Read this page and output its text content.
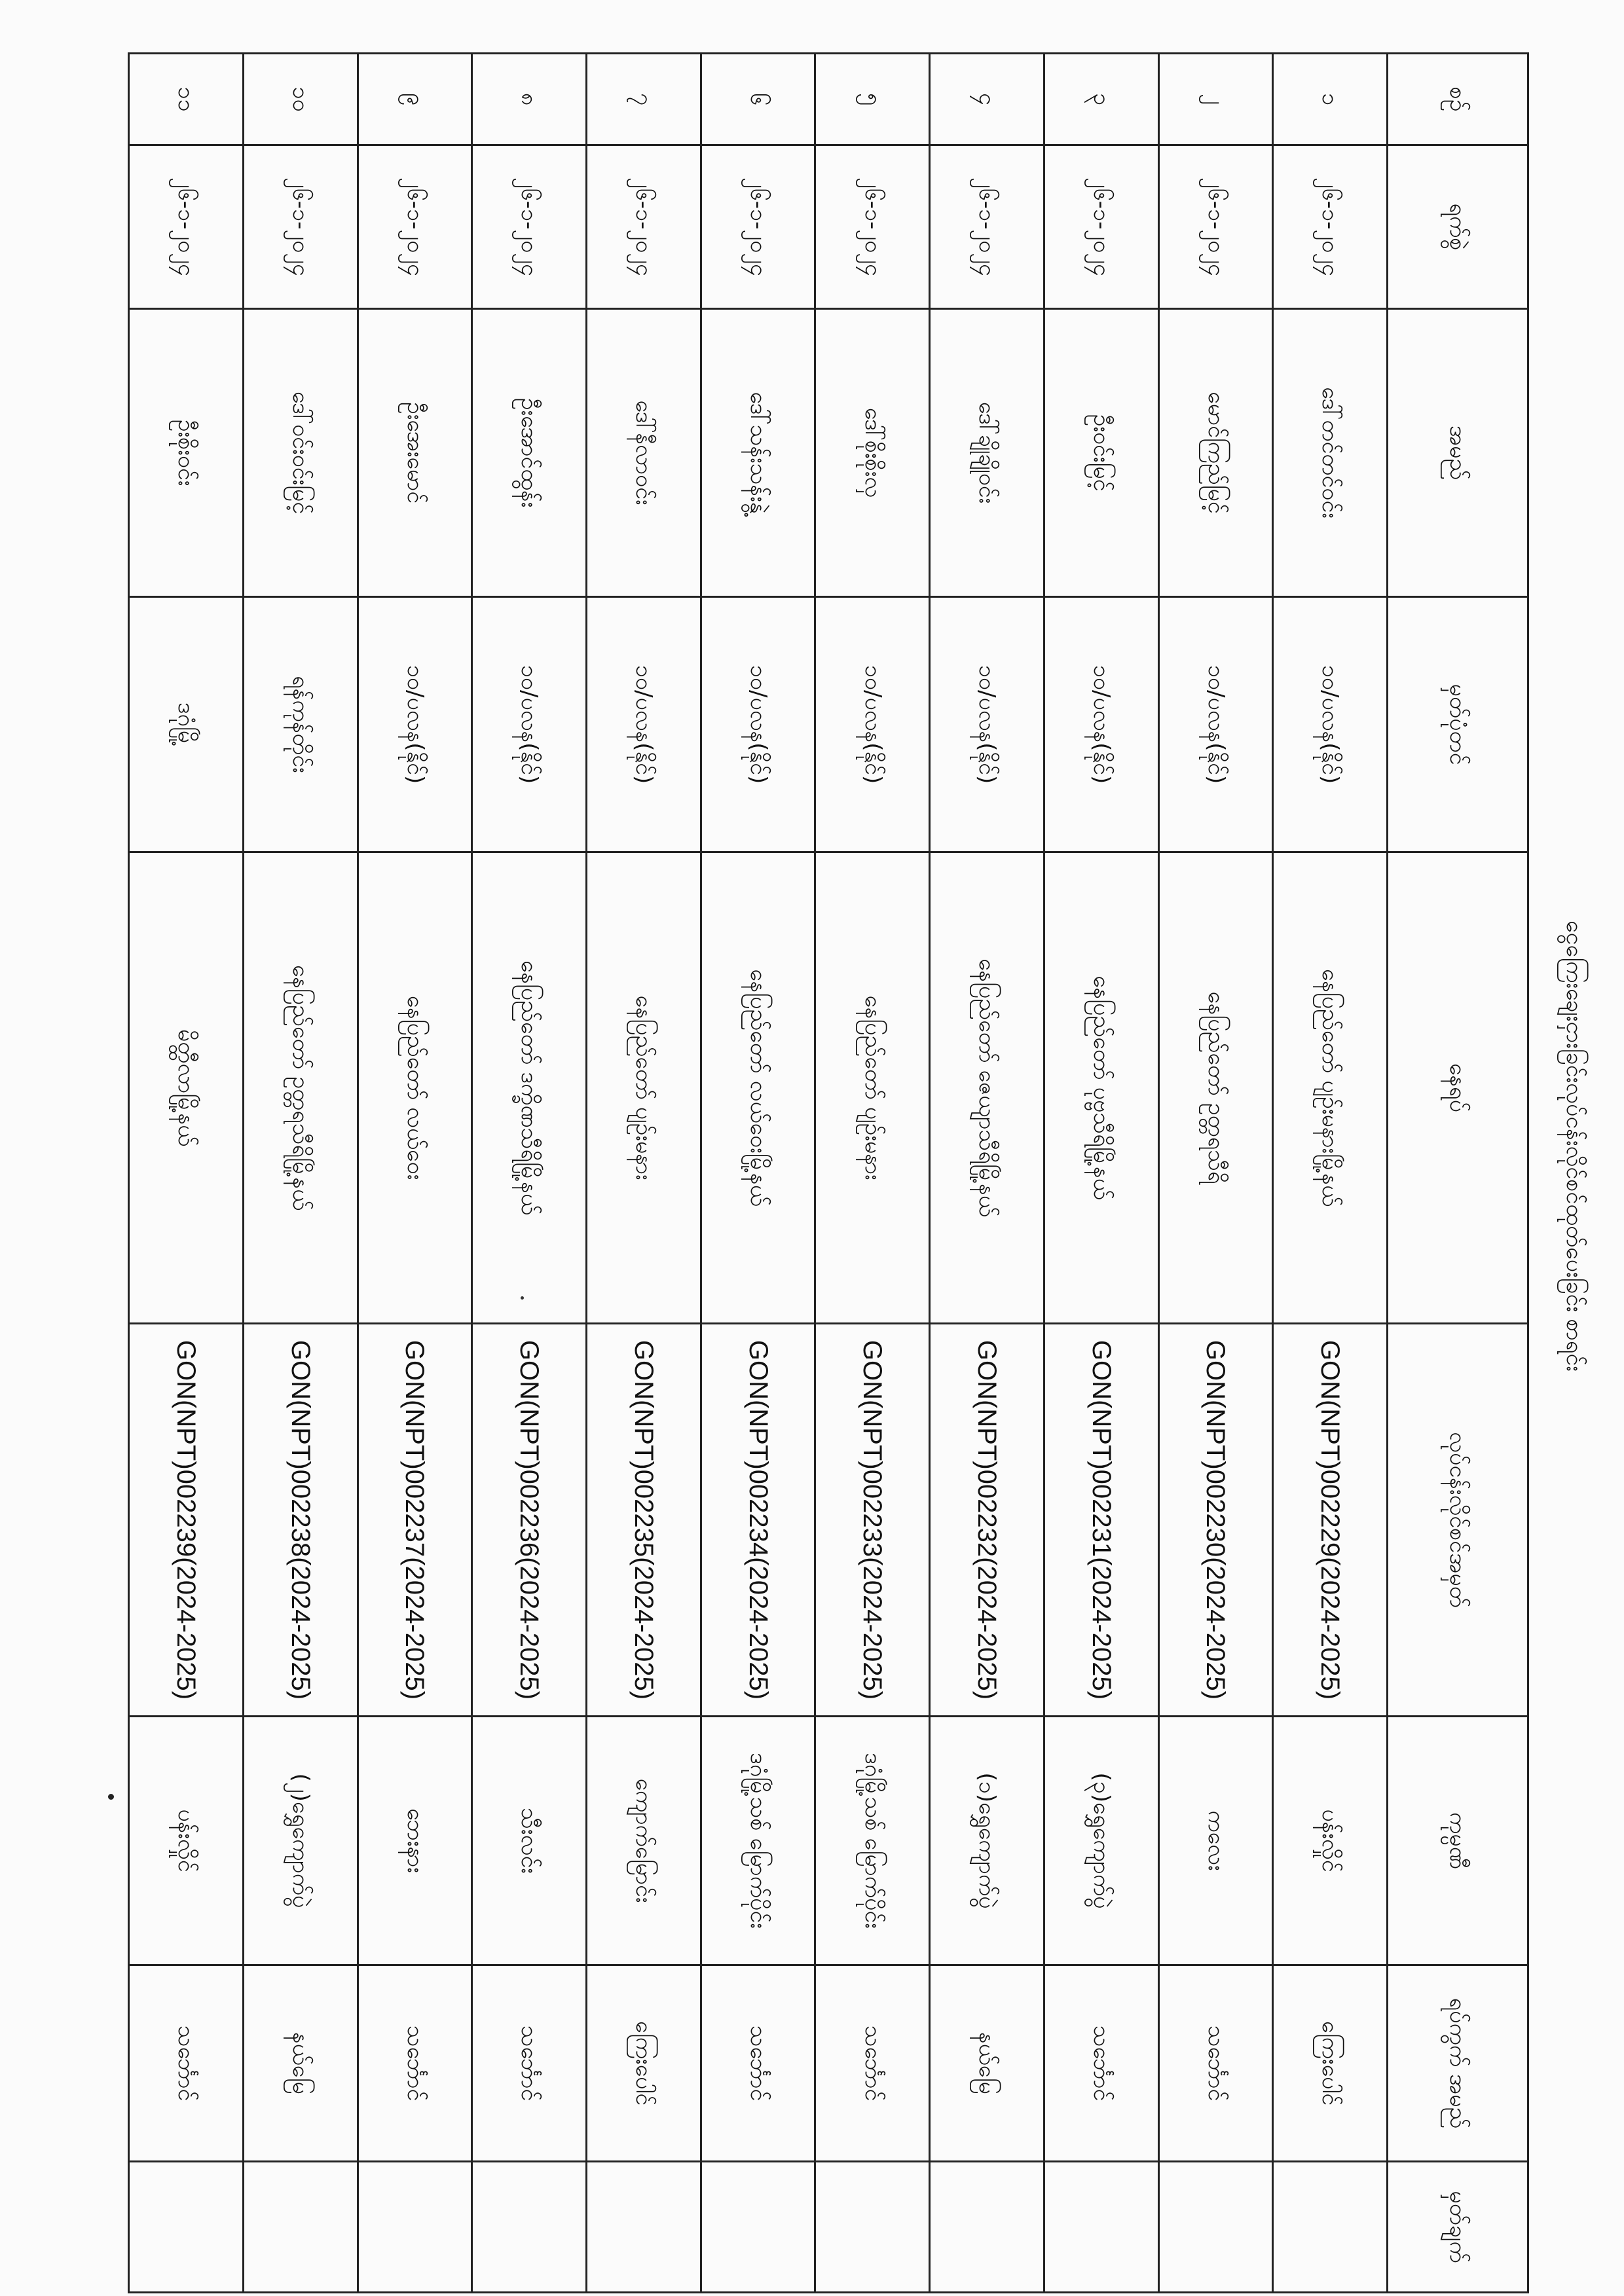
ငွေကြေးချေးငှားခြင်းလုပ်ငန်းလိုင်စင်ထုတ်ပေးခြင်း စာရင်း
စဉ်	ရက်စွဲ	အမည်	မှတ်ပုံတင်	နေရပ်	လုပ်ငန်းလိုင်စင်အမှတ်	ကုမ္ပဏီ	ရပ်ကွက် အမည်	မှတ်ချက်
၁	၂၆-၁-၂၀၂၄	ဒေါ်တင်တင်ဝင်း	၁၀/ပလန(နိုင်)	နေပြည်တော် ပျဉ်းမနားမြို့နယ်	GON(NPT)002229(2024-2025)	ပန်းလှိုင်	ကြေးပေါင်	
၂	၂၆-၁-၂၀၂၄	မောင်ကြည်မြင့်	၁၀/ပလန(နိုင်)	နေပြည်တော် ဥတ္တရသီရိ	GON(NPT)002230(2024-2025)	ကလေး	သင်္ဘောင်	
၃	၂၆-၁-၂၀၂၄	ဦးဝင်းမြင့်	၁၀/ပလန(နိုင်)	နေပြည်တော် ပုဗ္ဗသီရိမြို့နယ်	GON(NPT)002231(2024-2025)	(၃)ရွှေကျောက်ပွဲ	သင်္ဘောင်	
၄	၂၆-၁-၂၀၂၄	ဒေါ်ချိုချိုဝင်း	၁၀/ပလန(နိုင်)	နေပြည်တော် ဇေယျာသီရိမြို့နယ်	GON(NPT)002232(2024-2025)	(၁)ရွှေကျောက်ပွဲ	နယ်မြေ	
၅	၂၆-၁-၂၀၂၄	ဒေါ်စိုးစိုးလှ	၁၀/ပလန(နိုင်)	နေပြည်တော် ပျဉ်းမနား	GON(NPT)002233(2024-2025)	ဒဂုံမြို့သစ် မြောက်ပိုင်း	သင်္ဘောင်	
၆	၂၆-၁-၂၀၂၄	ဒေါ်သန်းသန်းနွဲ့	၁၀/ပလန(နိုင်)	နေပြည်တော် လယ်ဝေးမြို့နယ်	GON(NPT)002234(2024-2025)	ဒဂုံမြို့သစ် မြောက်ပိုင်း	သင်္ဘောင်	
၇	၂၆-၁-၂၀၂၄	ဒေါ်နီလာဝင်း	၁၀/ပလန(နိုင်)	နေပြည်တော် ပျဉ်းမနား	GON(NPT)002235(2024-2025)	ကျောက်မြောင်း	ကြေးပေါင်	
၈	၂၆-၁-၂၀၂၄	ဦးအောင်ထွန်း	၁၀/ပလန(နိုင်)	နေပြည်တော် ဒက္ခိဏသီရိမြို့နယ်	GON(NPT)002236(2024-2025)	သီးလင်း	သင်္ဘောင်	
၉	၂၆-၁-၂၀၂၄	ဦးအေးမောင်	၁၀/ပလန(နိုင်)	နေပြည်တော် လယ်ဝေး	GON(NPT)002237(2024-2025)	ဘေးနား	သင်္ဘောင်	
၁၀	၂၆-၁-၂၀၂၄	ဒေါ်ဝင်းဝင်းမြင့်	ရန်ကုန်တိုင်း	နေပြည်တော် ဥတ္တရသီရိမြို့နယ်	GON(NPT)002238(2024-2025)	(၂)ရွှေကျောက်ပွဲ	နယ်မြေ	
၁၁	၂၆-၁-၂၀၂၄	ဦးစိုးဝင်း	ဒဂုံမြို့	မိတ္ထီလာမြို့နယ်	GON(NPT)002239(2024-2025)	ပန်းလှိုင်	သင်္ဘောင်	
